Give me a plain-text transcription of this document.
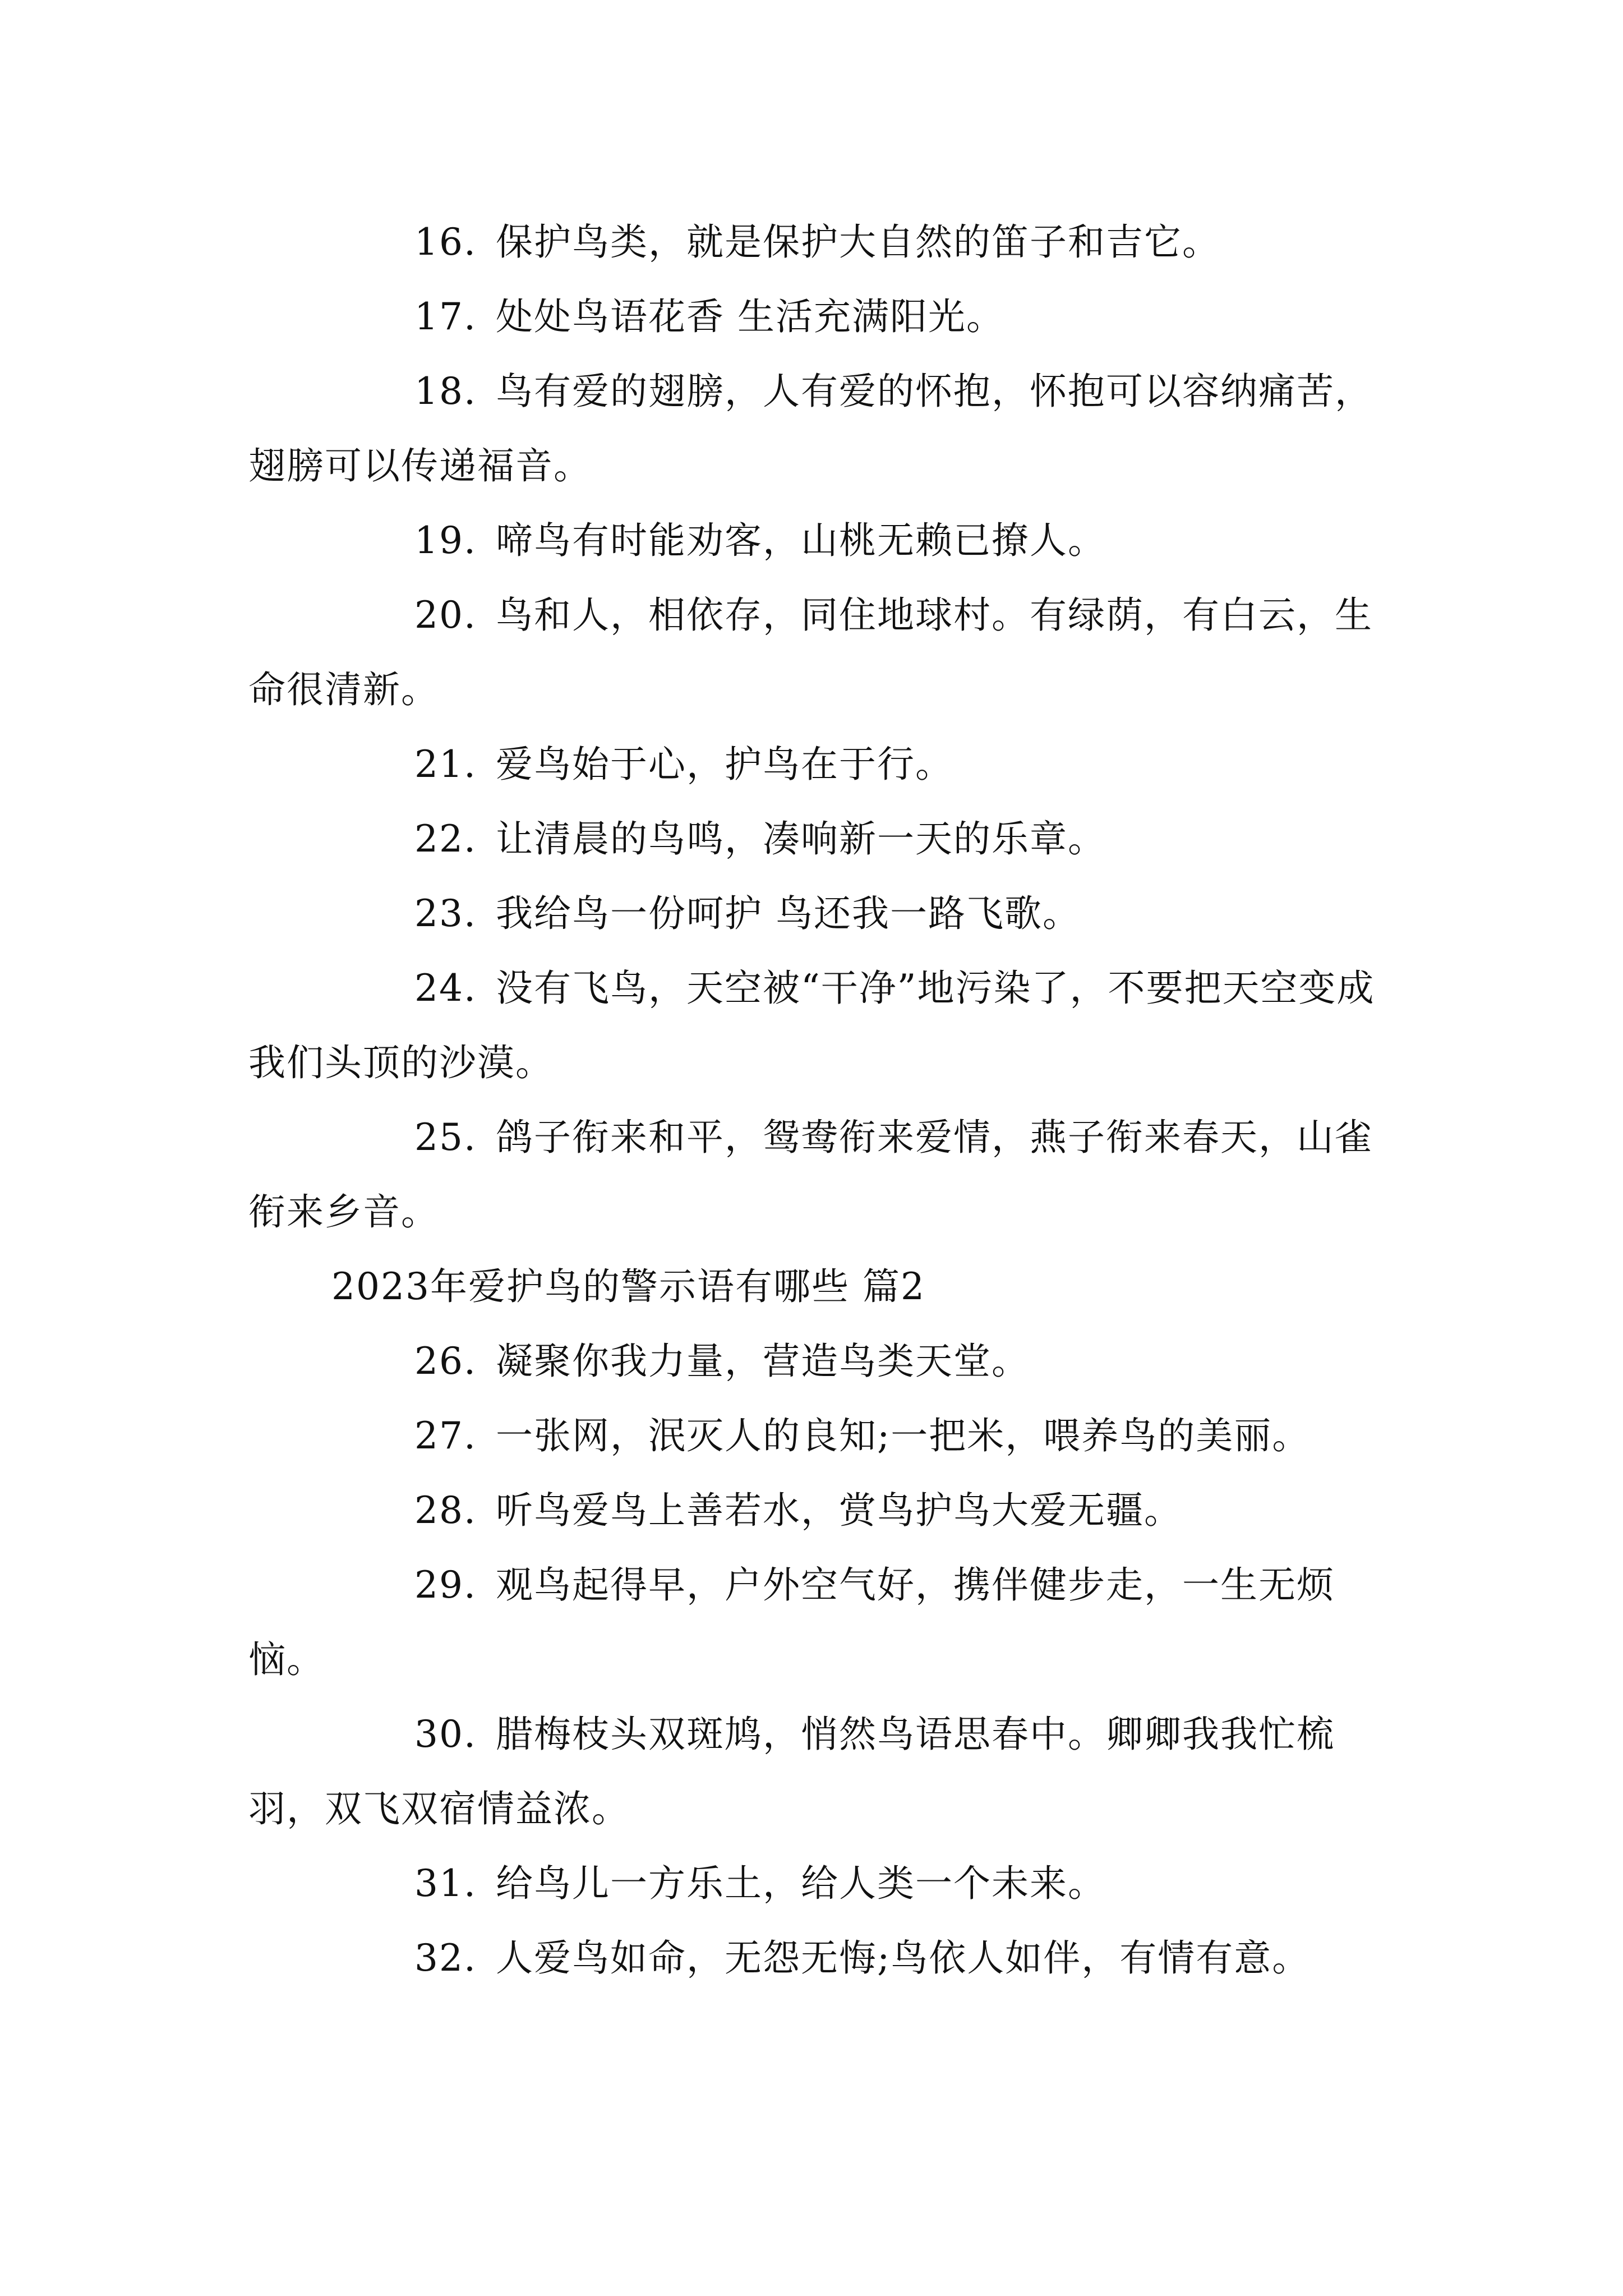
16. 保护鸟类，就是保护大自然的笛子和吉它。

17. 处处鸟语花香 生活充满阳光。

18. 鸟有爱的翅膀，人有爱的怀抱，怀抱可以容纳痛苦，翅膀可以传递福音。

19. 啼鸟有时能劝客，山桃无赖已撩人。

20. 鸟和人，相依存，同住地球村。有绿荫，有白云，生命很清新。

21. 爱鸟始于心，护鸟在于行。

22. 让清晨的鸟鸣，凑响新一天的乐章。

23. 我给鸟一份呵护 鸟还我一路飞歌。

24. 没有飞鸟，天空被“干净”地污染了，不要把天空变成我们头顶的沙漠。

25. 鸽子衔来和平，鸳鸯衔来爱情，燕子衔来春天，山雀衔来乡音。

2023年爱护鸟的警示语有哪些 篇2

26. 凝聚你我力量，营造鸟类天堂。

27. 一张网，泯灭人的良知;一把米，喂养鸟的美丽。

28. 听鸟爱鸟上善若水，赏鸟护鸟大爱无疆。

29. 观鸟起得早，户外空气好，携伴健步走，一生无烦恼。

30. 腊梅枝头双斑鸠，悄然鸟语思春中。卿卿我我忙梳羽，双飞双宿情益浓。

31. 给鸟儿一方乐土，给人类一个未来。

32. 人爱鸟如命，无怨无悔;鸟依人如伴，有情有意。
